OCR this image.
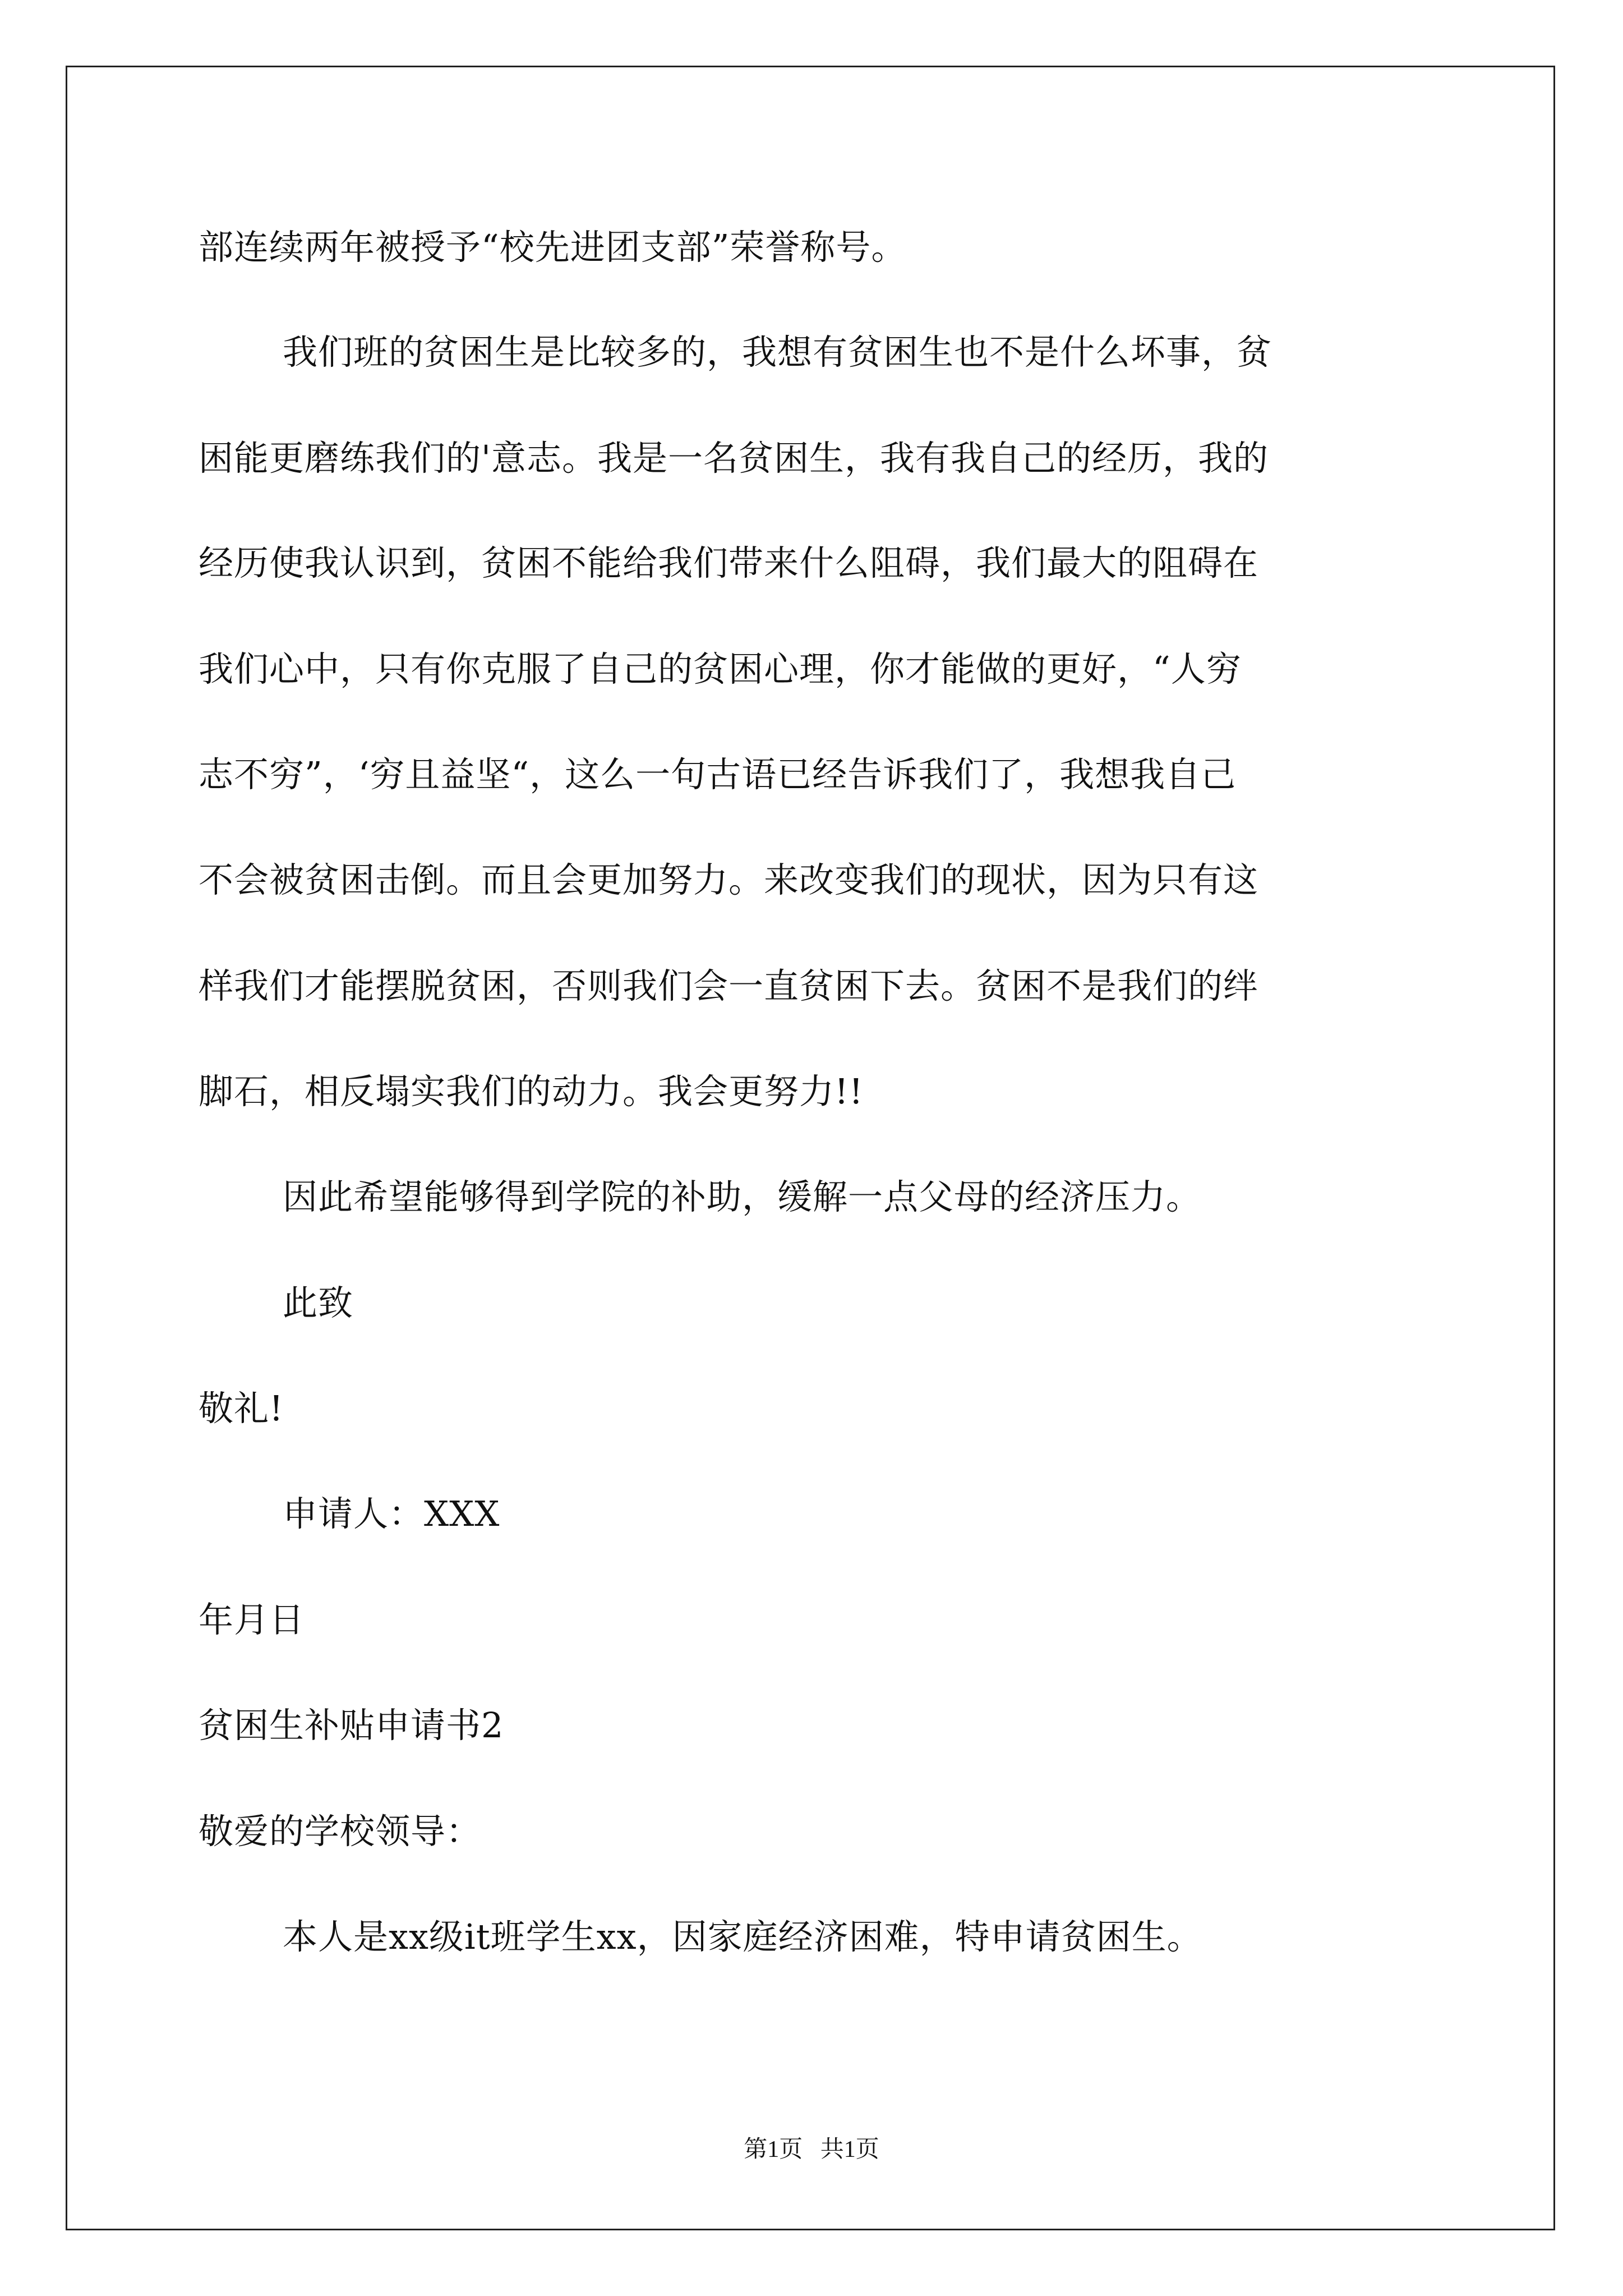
部连续两年被授予“校先进团支部”荣誉称号。
我们班的贫困生是比较多的，我想有贫困生也不是什么坏事，贫
困能更磨练我们的'意志。我是一名贫困生，我有我自己的经历，我的
经历使我认识到，贫困不能给我们带来什么阻碍，我们最大的阻碍在
我们心中，只有你克服了自己的贫困心理，你才能做的更好，“人穷
志不穷”，‘穷且益坚“，这么一句古语已经告诉我们了，我想我自己
不会被贫困击倒。而且会更加努力。来改变我们的现状，因为只有这
样我们才能摆脱贫困，否则我们会一直贫困下去。贫困不是我们的绊
脚石，相反塌实我们的动力。我会更努力!!
因此希望能够得到学院的补助，缓解一点父母的经济压力。
此致
敬礼!
申请人：XXX
年月日
贫困生补贴申请书2
敬爱的学校领导：
本人是xx级it班学生xx，因家庭经济困难，特申请贫困生。
第1页   共1页
